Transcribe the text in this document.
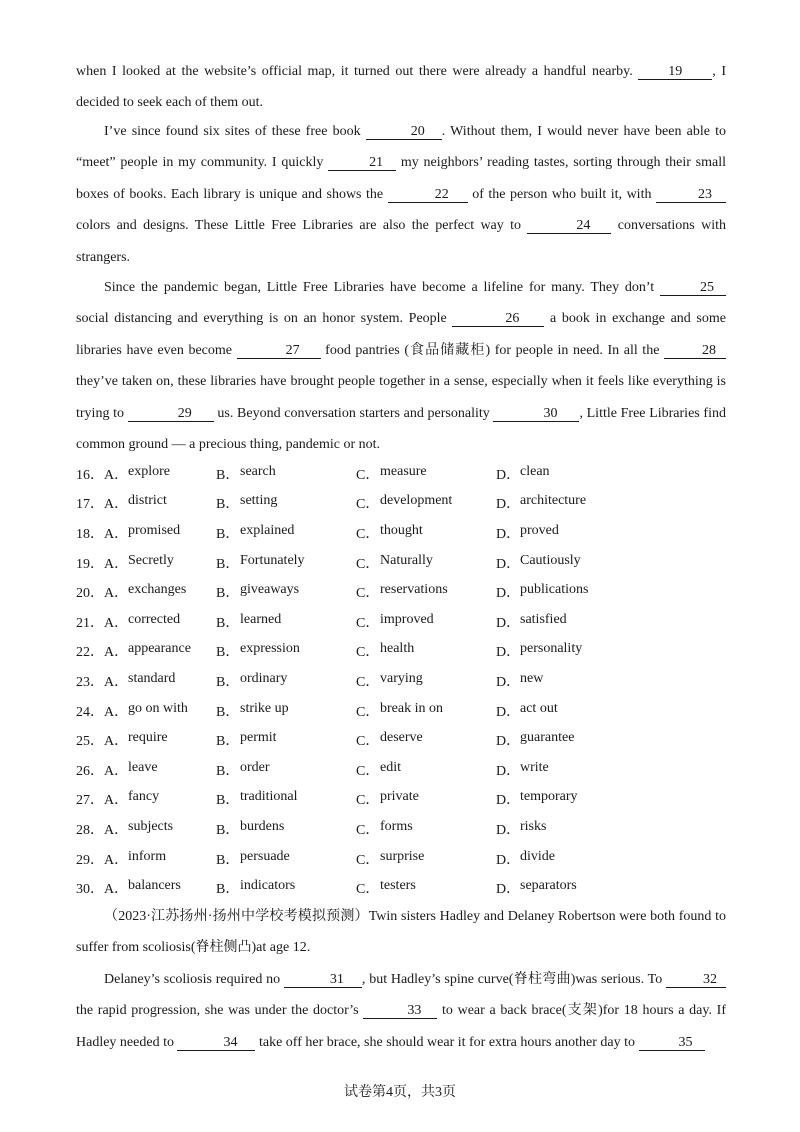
when I looked at the website’s official map, it turned out there were already a handful nearby. 19 , I decided to seek each of them out.

I’ve since found six sites of these free book	20 . Without them, I would never have been able to “meet” people in my community. I quickly	21 my neighbors’ reading tastes, sorting through their small boxes of books. Each library is unique and shows the	22 of the person who built it, with	23 colors and designs. These Little Free Libraries are also the perfect way to	24 conversations with strangers.

Since the pandemic began, Little Free Libraries have become a lifeline for many. They don’t	25 social distancing and everything is on an honor system. People	26 a book in exchange and some libraries have even become	27 food pantries (食品储藏柜) for people in need. In all the	28 they’ve taken on, these libraries have brought people together in a sense, especially when it feels like everything is trying to	29 us. Beyond conversation starters and personality	30 , Little Free Libraries find common ground — a precious thing, pandemic or not.

16． A． explore	B． search	C． measure	D． clean
17． A． district	B． setting	C． development	D． architecture
18． A． promised	B． explained	C． thought	D． proved
19． A． Secretly	B． Fortunately	C． Naturally	D． Cautiously
20． A． exchanges B． giveaways	C． reservations	D． publications
21． A． corrected	B． learned	C． improved	D． satisfied
22． A． appearance B． expression	C． health	D． personality
23． A． standard	B． ordinary	C． varying	D． new
24． A． go on with B． strike up	C． break in on	D． act out
25． A． require	B． permit	C． deserve	D． guarantee
26． A． leave	B． order	C． edit	D． write
27． A． fancy	B． traditional	C． private	D． temporary
28． A． subjects	B． burdens	C． forms	D． risks
29． A． inform	B． persuade	C． surprise	D． divide
30． A． balancers	B． indicators	C． testers	D． separators

（2023·江苏扬州·扬州中学校考模拟预测）Twin sisters Hadley and Delaney Robertson were both found to suffer from scoliosis(脊柱侧凸)at age 12.

Delaney’s scoliosis required no	31 , but Hadley’s spine curve(脊柱弯曲)was serious. To	32 the rapid progression, she was under the doctor’s	33 to wear a back brace(支架)for 18 hours a day. If Hadley needed to	34 take off her brace, she should wear it for extra hours another day to	35

试卷第4页，共3页
